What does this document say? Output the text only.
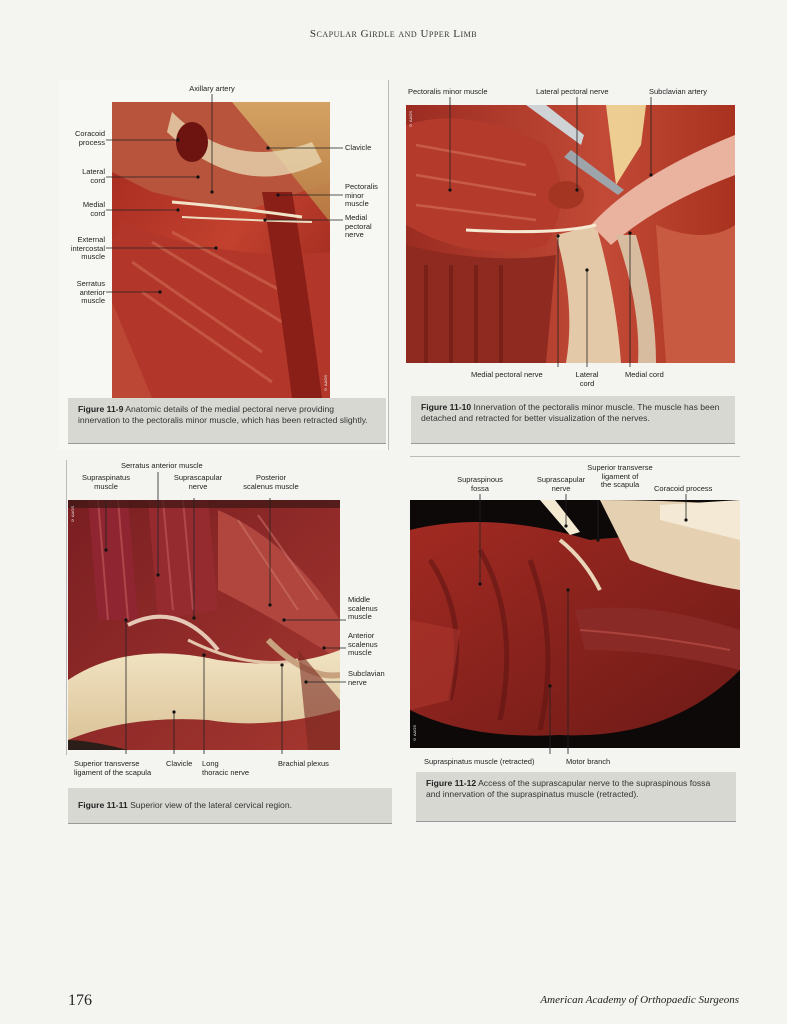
Scapular Girdle and Upper Limb
© AAOS
Axillary artery
Coracoid
process
Lateral
cord
Medial
cord
External
intercostal
muscle
Serratus
anterior
muscle
Clavicle
Pectoralis
minor
muscle
Medial
pectoral
nerve
Figure 11-9 Anatomic details of the medial pectoral nerve providing innervation to the pectoralis minor muscle, which has been retracted slightly.
© AAOS
Pectoralis minor muscle	Lateral pectoral nerve	Subclavian artery
Medial pectoral nerve	Lateral
cord
Medial cord
Figure 11-10 Innervation of the pectoralis minor muscle. The muscle has been detached and retracted for better visualization of the nerves.
© AAOS
Serratus anterior muscle
Supraspinatus
muscle
Suprascapular
nerve
Posterior
scalenus muscle
Middle
scalenus
muscle
Anterior
scalenus
muscle
Subclavian
nerve
Superior transverse
ligament of the scapula
Clavicle Long
thoracic nerve
Brachial plexus
Figure 11-11 Superior view of the lateral cervical region.
© AAOS
Supraspinous
fossa
Suprascapular
nerve
Superior transverse
ligament of
the scapula	Coracoid process
Supraspinatus muscle (retracted)	Motor branch
Figure 11-12 Access of the suprascapular nerve to the supraspinous fossa and innervation of the supraspinatus muscle (retracted).
176	American Academy of Orthopaedic Surgeons
